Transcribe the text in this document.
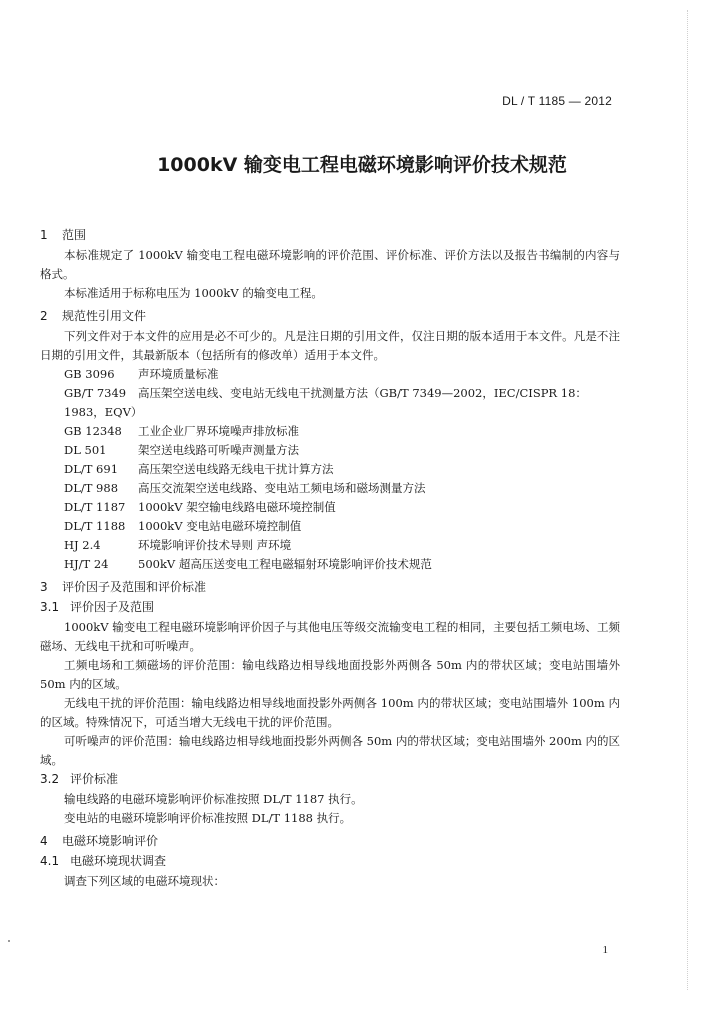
DL / T 1185 — 2012
1000kV 输变电工程电磁环境影响评价技术规范
1 范围

本标准规定了 1000kV 输变电工程电磁环境影响的评价范围、评价标准、评价方法以及报告书编制的内容与格式。

本标准适用于标称电压为 1000kV 的输变电工程。

2 规范性引用文件

下列文件对于本文件的应用是必不可少的。凡是注日期的引用文件，仅注日期的版本适用于本文件。凡是不注日期的引用文件，其最新版本（包括所有的修改单）适用于本文件。

GB 3096 声环境质量标准

GB/T 7349 高压架空送电线、变电站无线电干扰测量方法（GB/T 7349—2002，IEC/CISPR 18：1983，EQV）

GB 12348 工业企业厂界环境噪声排放标准

DL 501	架空送电线路可听噪声测量方法

DL/T 691 高压架空送电线路无线电干扰计算方法

DL/T 988 高压交流架空送电线路、变电站工频电场和磁场测量方法

DL/T 1187 1000kV 架空输电线路电磁环境控制值

DL/T 1188 1000kV 变电站电磁环境控制值

HJ 2.4	环境影响评价技术导则 声环境

HJ/T 24	500kV 超高压送变电工程电磁辐射环境影响评价技术规范

3 评价因子及范围和评价标准
3.1 评价因子及范围

1000kV 输变电工程电磁环境影响评价因子与其他电压等级交流输变电工程的相同，主要包括工频电场、工频磁场、无线电干扰和可听噪声。

工频电场和工频磁场的评价范围：输电线路边相导线地面投影外两侧各 50m 内的带状区域；变电站围墙外 50m 内的区域。

无线电干扰的评价范围：输电线路边相导线地面投影外两侧各 100m 内的带状区域；变电站围墙外 100m 内的区域。特殊情况下，可适当增大无线电干扰的评价范围。

可听噪声的评价范围：输电线路边相导线地面投影外两侧各 50m 内的带状区域；变电站围墙外 200m 内的区域。

3.2 评价标准

输电线路的电磁环境影响评价标准按照 DL/T 1187 执行。

变电站的电磁环境影响评价标准按照 DL/T 1188 执行。

4 电磁环境影响评价
4.1 电磁环境现状调查

调查下列区域的电磁环境现状：

1
